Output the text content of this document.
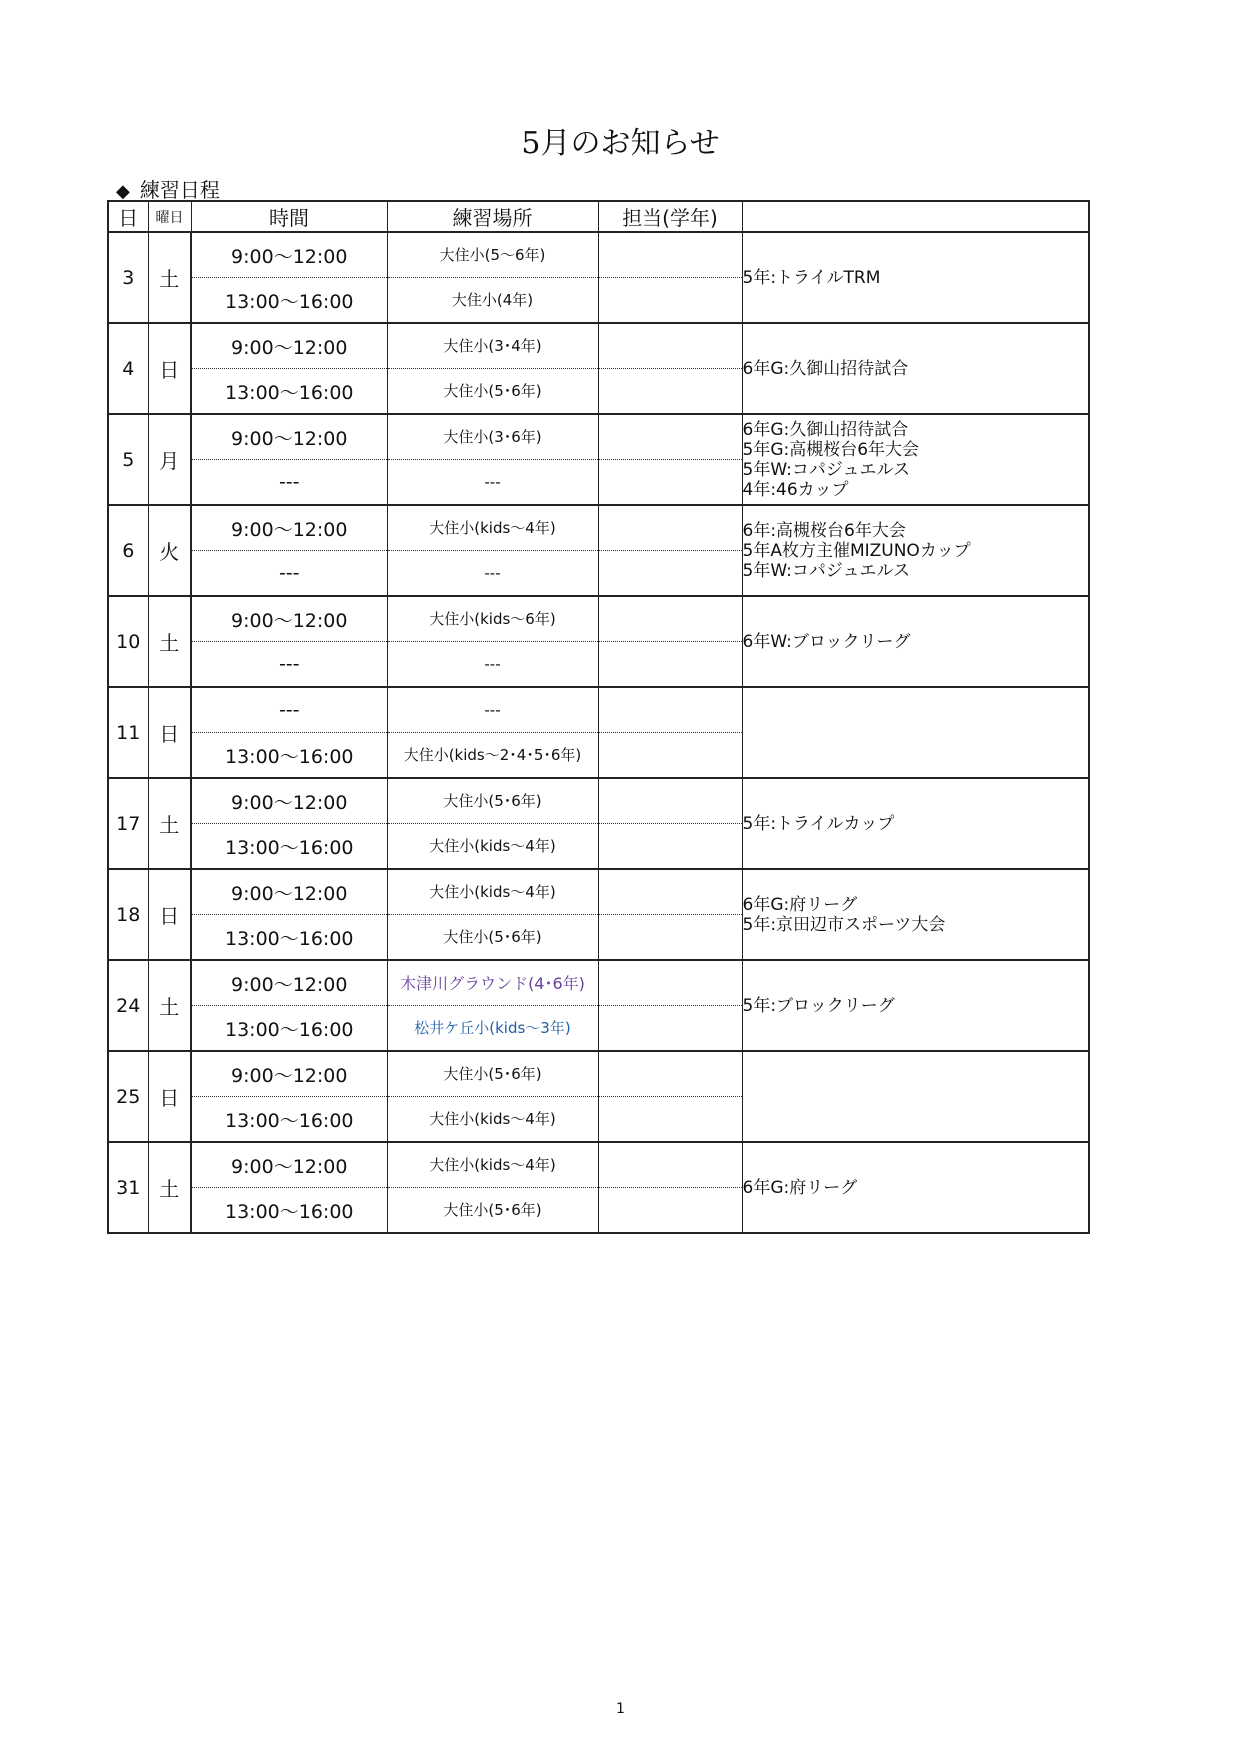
5月のお知らせ
◆ 練習日程
日	曜日	時間	練習場所	担当(学年)	
3	土	9:00～12:00	大住小(5～6年)		5年:トライルTRM

		13:00～16:00	大住小(4年)		
4	日	9:00～12:00	大住小(3･4年)		6年G:久御山招待試合

		13:00～16:00	大住小(5･6年)		
5	月	9:00～12:00	大住小(3･6年)		6年G:久御山招待試合
5年G:高槻桜台6年大会
5年W:コパジュエルス
4年:46カップ

		---	---		
6	火	9:00～12:00	大住小(kids～4年)		6年:高槻桜台6年大会
5年A枚方主催MIZUNOカップ
5年W:コパジュエルス

		---	---		
10	土	9:00～12:00	大住小(kids～6年)		6年W:ブロックリーグ

		---	---		
11	日	---	---		
		13:00～16:00	大住小(kids～2･4･5･6年)		
17	土	9:00～12:00	大住小(5･6年)		5年:トライルカップ

		13:00～16:00	大住小(kids～4年)		
18	日	9:00～12:00	大住小(kids～4年)		6年G:府リーグ
5年:京田辺市スポーツ大会

		13:00～16:00	大住小(5･6年)		
24	土	9:00～12:00	木津川グラウンド(4･6年)		5年:ブロックリーグ

		13:00～16:00	松井ケ丘小(kids～3年)		
25	日	9:00～12:00	大住小(5･6年)		
		13:00～16:00	大住小(kids～4年)		
31	土	9:00～12:00	大住小(kids～4年)		6年G:府リーグ

		13:00～16:00	大住小(5･6年)		
1
